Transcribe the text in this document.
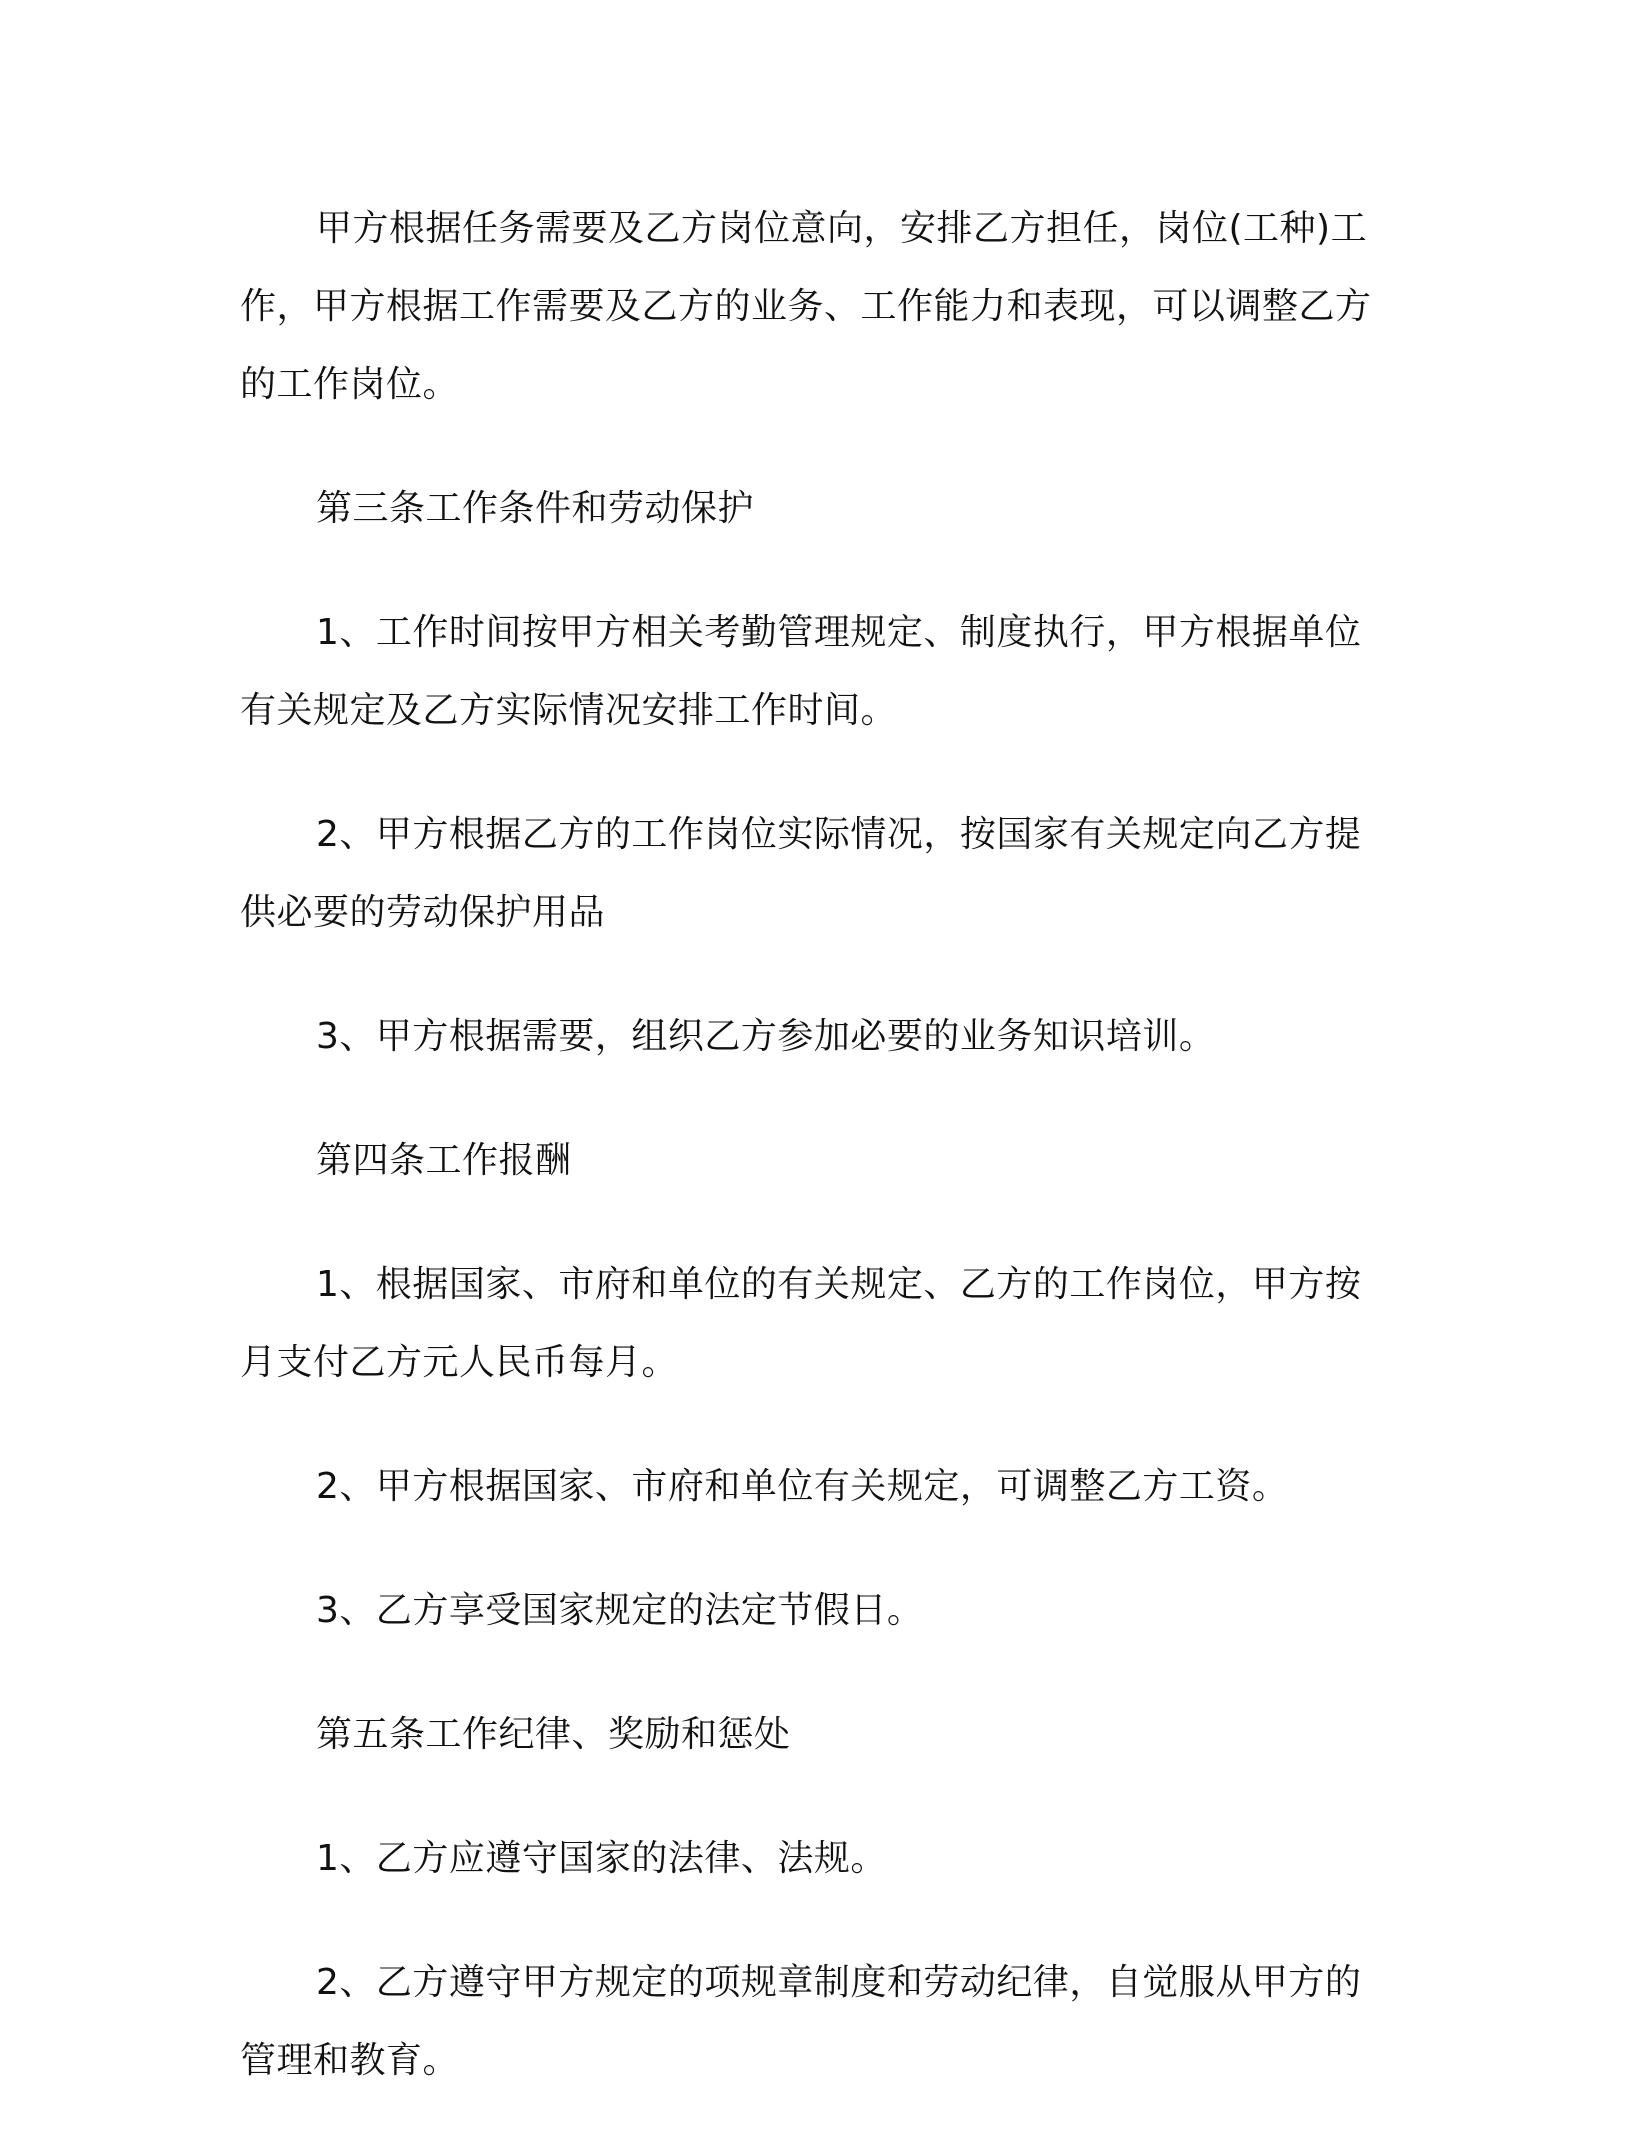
甲方根据任务需要及乙方岗位意向，安排乙方担任，岗位(工种)工作，甲方根据工作需要及乙方的业务、工作能力和表现，可以调整乙方的工作岗位。

第三条工作条件和劳动保护

1、工作时间按甲方相关考勤管理规定、制度执行，甲方根据单位有关规定及乙方实际情况安排工作时间。

2、甲方根据乙方的工作岗位实际情况，按国家有关规定向乙方提供必要的劳动保护用品

3、甲方根据需要，组织乙方参加必要的业务知识培训。

第四条工作报酬

1、根据国家、市府和单位的有关规定、乙方的工作岗位，甲方按月支付乙方元人民币每月。

2、甲方根据国家、市府和单位有关规定，可调整乙方工资。

3、乙方享受国家规定的法定节假日。

第五条工作纪律、奖励和惩处

1、乙方应遵守国家的法律、法规。

2、乙方遵守甲方规定的项规章制度和劳动纪律，自觉服从甲方的管理和教育。
